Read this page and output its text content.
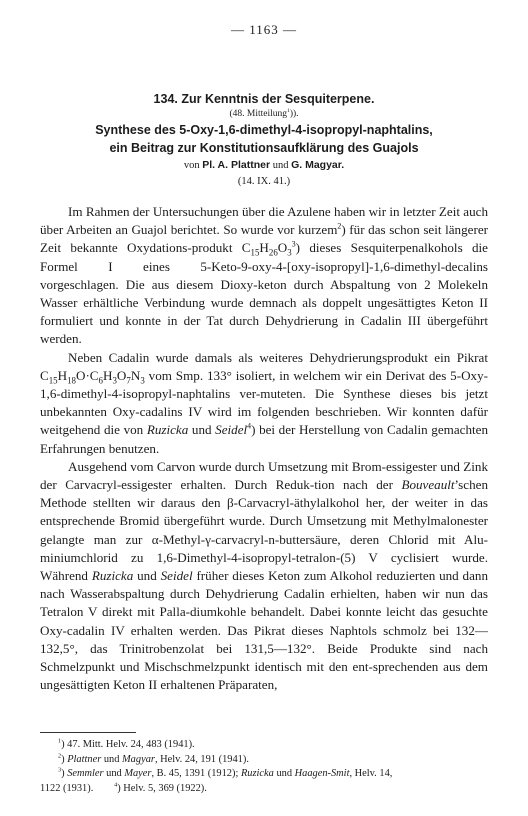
— 1163 —
134. Zur Kenntnis der Sesquiterpene.
(48. Mitteilung$^1$)).
Synthese des 5-Oxy-1,6-dimethyl-4-isopropyl-naphtalins,
ein Beitrag zur Konstitutionsaufklärung des Guajols
von Pl. A. Plattner und G. Magyar.
(14. IX. 41.)

Im Rahmen der Untersuchungen über die Azulene haben wir in letzter Zeit auch über Arbeiten an Guajol berichtet. So wurde vor kurzem$^2$) für das schon seit längerer Zeit bekannte Oxydations-produkt $C_{15}H_{26}O_3^3$) dieses Sesquiterpenalkohols die Formel I eines 5-Keto-9-oxy-4-[oxy-isopropyl]-1,6-dimethyl-decalins vorgeschlagen. Die aus diesem Dioxy-keton durch Abspaltung von 2 Molekeln Wasser erhältliche Verbindung wurde demnach als doppelt ungesättigtes Keton II formuliert und konnte in der Tat durch Dehydrierung in Cadalin III übergeführt werden.

Neben Cadalin wurde damals als weiteres Dehydrierungsprodukt ein Pikrat $C_{15}H_{18}O\cdot C_6H_3O_7N_3$ vom Smp. 133° isoliert, in welchem wir ein Derivat des 5-Oxy-1,6-dimethyl-4-isopropyl-naphtalins ver-muteten. Die Synthese dieses bis jetzt unbekannten Oxy-cadalins IV wird im folgenden beschrieben. Wir konnten dafür weitgehend die von Ruzicka und Seidel$^4$) bei der Herstellung von Cadalin gemachten Erfahrungen benutzen.

Ausgehend vom Carvon wurde durch Umsetzung mit Brom-essigester und Zink der Carvacryl-essigester erhalten. Durch Reduk-tion nach der Bouveault’schen Methode stellten wir daraus den β-Carvacryl-äthylalkohol her, der weiter in das entsprechende Bromid übergeführt wurde. Durch Umsetzung mit Methylmalonester gelangte man zur α-Methyl-γ-carvacryl-n-buttersäure, deren Chlorid mit Alu-miniumchlorid zu 1,6-Dimethyl-4-isopropyl-tetralon-(5) V cyclisiert wurde. Während Ruzicka und Seidel früher dieses Keton zum Alkohol reduzierten und dann nach Wasserabspaltung durch Dehydrierung Cadalin erhielten, haben wir nun das Tetralon V direkt mit Palla-diumkohle behandelt. Dabei konnte leicht das gesuchte Oxy-cadalin IV erhalten werden. Das Pikrat dieses Naphtols schmolz bei 132—132,5°, das Trinitrobenzolat bei 131,5—132°. Beide Produkte sind nach Schmelzpunkt und Mischschmelzpunkt identisch mit den ent-sprechenden aus dem ungesättigten Keton II erhaltenen Präparaten,

$^1$) 47. Mitt. Helv. 24, 483 (1941).
$^2$) Plattner und Magyar, Helv. 24, 191 (1941).
$^3$) Semmler und Mayer, B. 45, 1391 (1912); Ruzicka und Haagen-Smit, Helv. 14,
1122 (1931).	$^4$) Helv. 5, 369 (1922).
